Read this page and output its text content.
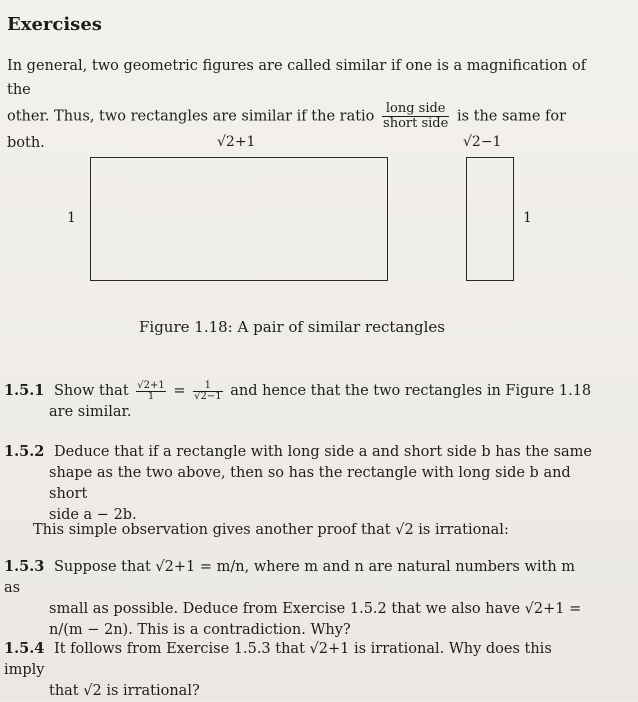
Exercises
In general, two geometric figures are called similar if one is a magnification of the
other. Thus, two rectangles are similar if the ratio $\frac{\text{long side}}{\text{short side}}$ is the same for both.	√2+1
1
√2−1
1
Figure 1.18: A pair of similar rectangles
1.5.1 Show that $\frac{√2+1}{1} = \frac{1}{√2-1}$ and hence that the two rectangles in Figure 1.18
are similar.
1.5.2 Deduce that if a rectangle with long side a and short side b has the same
shape as the two above, then so has the rectangle with long side b and short
side a − 2b.
This simple observation gives another proof that √2 is irrational:
1.5.3 Suppose that √2+1 = m/n, where m and n are natural numbers with m as
small as possible. Deduce from Exercise 1.5.2 that we also have √2+1 =
n/(m − 2n). This is a contradiction. Why?
1.5.4 It follows from Exercise 1.5.3 that √2+1 is irrational. Why does this imply
that √2 is irrational?
